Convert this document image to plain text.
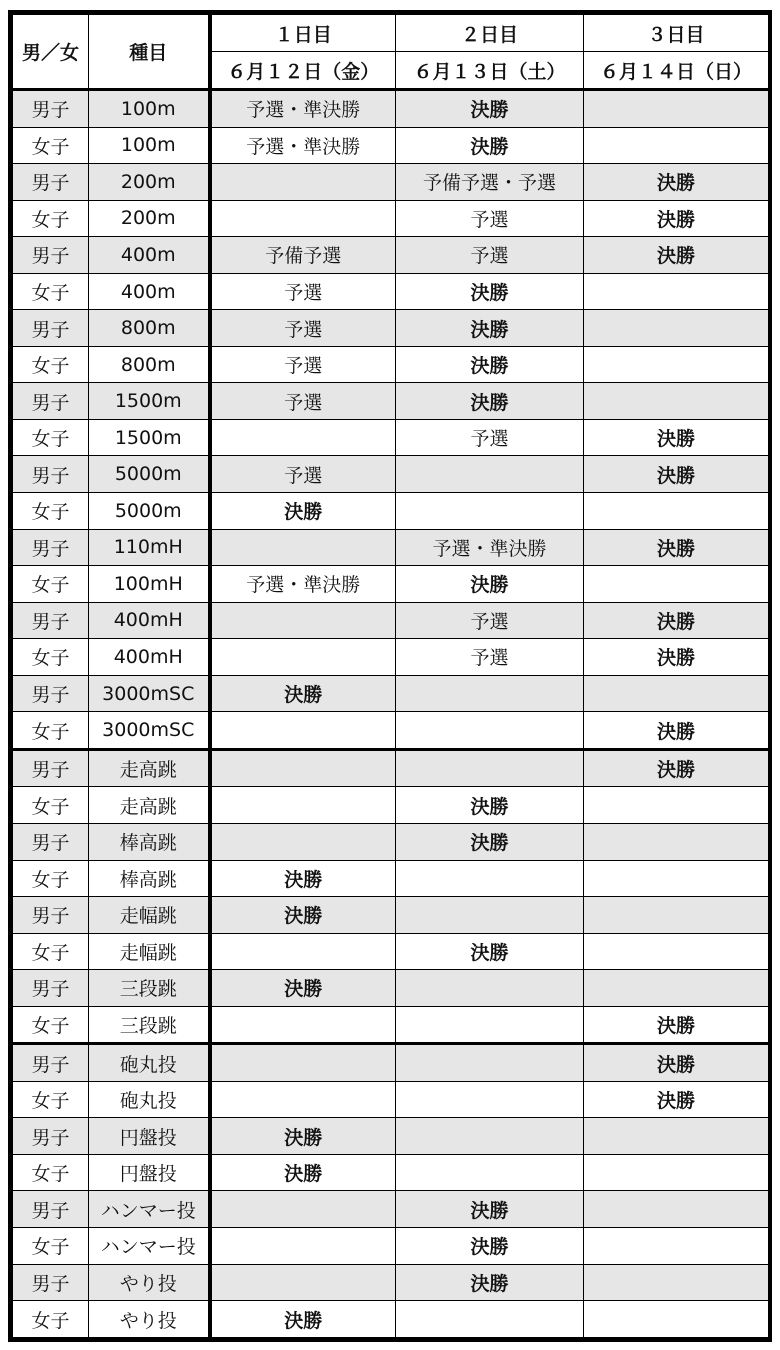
男／女	種目	１日目	２日目	３日目
		６月１２日（金）	６月１３日（土）	６月１４日（日）
男子	100m	予選・準決勝	決勝	
女子	100m	予選・準決勝	決勝	
男子	200m		予備予選・予選	決勝
女子	200m		予選	決勝
男子	400m	予備予選	予選	決勝
女子	400m	予選	決勝	
男子	800m	予選	決勝	
女子	800m	予選	決勝	
男子	1500m	予選	決勝	
女子	1500m		予選	決勝
男子	5000m	予選		決勝
女子	5000m	決勝		
男子	110mH		予選・準決勝	決勝
女子	100mH	予選・準決勝	決勝	
男子	400mH		予選	決勝
女子	400mH		予選	決勝
男子	3000mSC	決勝		
女子	3000mSC			決勝
男子	走高跳			決勝
女子	走高跳		決勝	
男子	棒高跳		決勝	
女子	棒高跳	決勝		
男子	走幅跳	決勝		
女子	走幅跳		決勝	
男子	三段跳	決勝		
女子	三段跳			決勝
男子	砲丸投			決勝
女子	砲丸投			決勝
男子	円盤投	決勝		
女子	円盤投	決勝		
男子	ハンマー投		決勝	
女子	ハンマー投		決勝	
男子	やり投		決勝	
女子	やり投	決勝		
